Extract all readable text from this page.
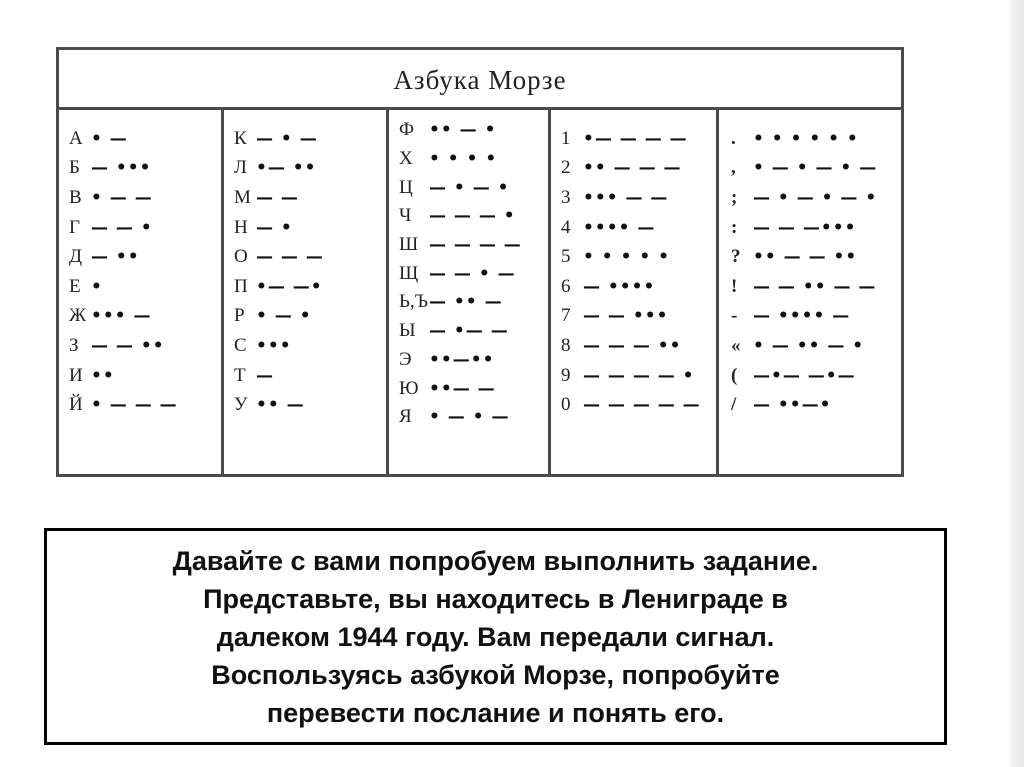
Азбука Морзе
А • —
Б — •••
В • — —
Г — — •
Д — ••
Е •
Ж ••• —
З — — ••
И ••
Й • — — —
К — • —
Л •— ••
М — —
Н — •
О — — —
П •— —•
Р • — •
С •••
Т —
У •• —
Ф •• — •
Х • • • •
Ц — • — •
Ч	— — — •
Ш — — — —
Щ — — • —
Ь,Ъ — •• —
Ы — •— —
Э	••—••
Ю ••— —
Я	• — • —
1 •— — — —
2 •• — — —
3 ••• — —
4 •••• —
5 • • • • •
6 — ••••
7 — — •••
8 — — — ••
9 — — — — •
0 — — — — —
.	• • • • • •
,	• — • — • —
; — • — • — •
: — — —•••
? •• — — ••
! — — •• — —
- — •••• —
« • — •• — •
( —•— —•—
/ — ••—•
Давайте с вами попробуем выполнить задание.
Представьте, вы находитесь в Лениграде в
далеком 1944 году. Вам передали сигнал.
Воспользуясь азбукой Морзе, попробуйте
перевести послание и понять его.
